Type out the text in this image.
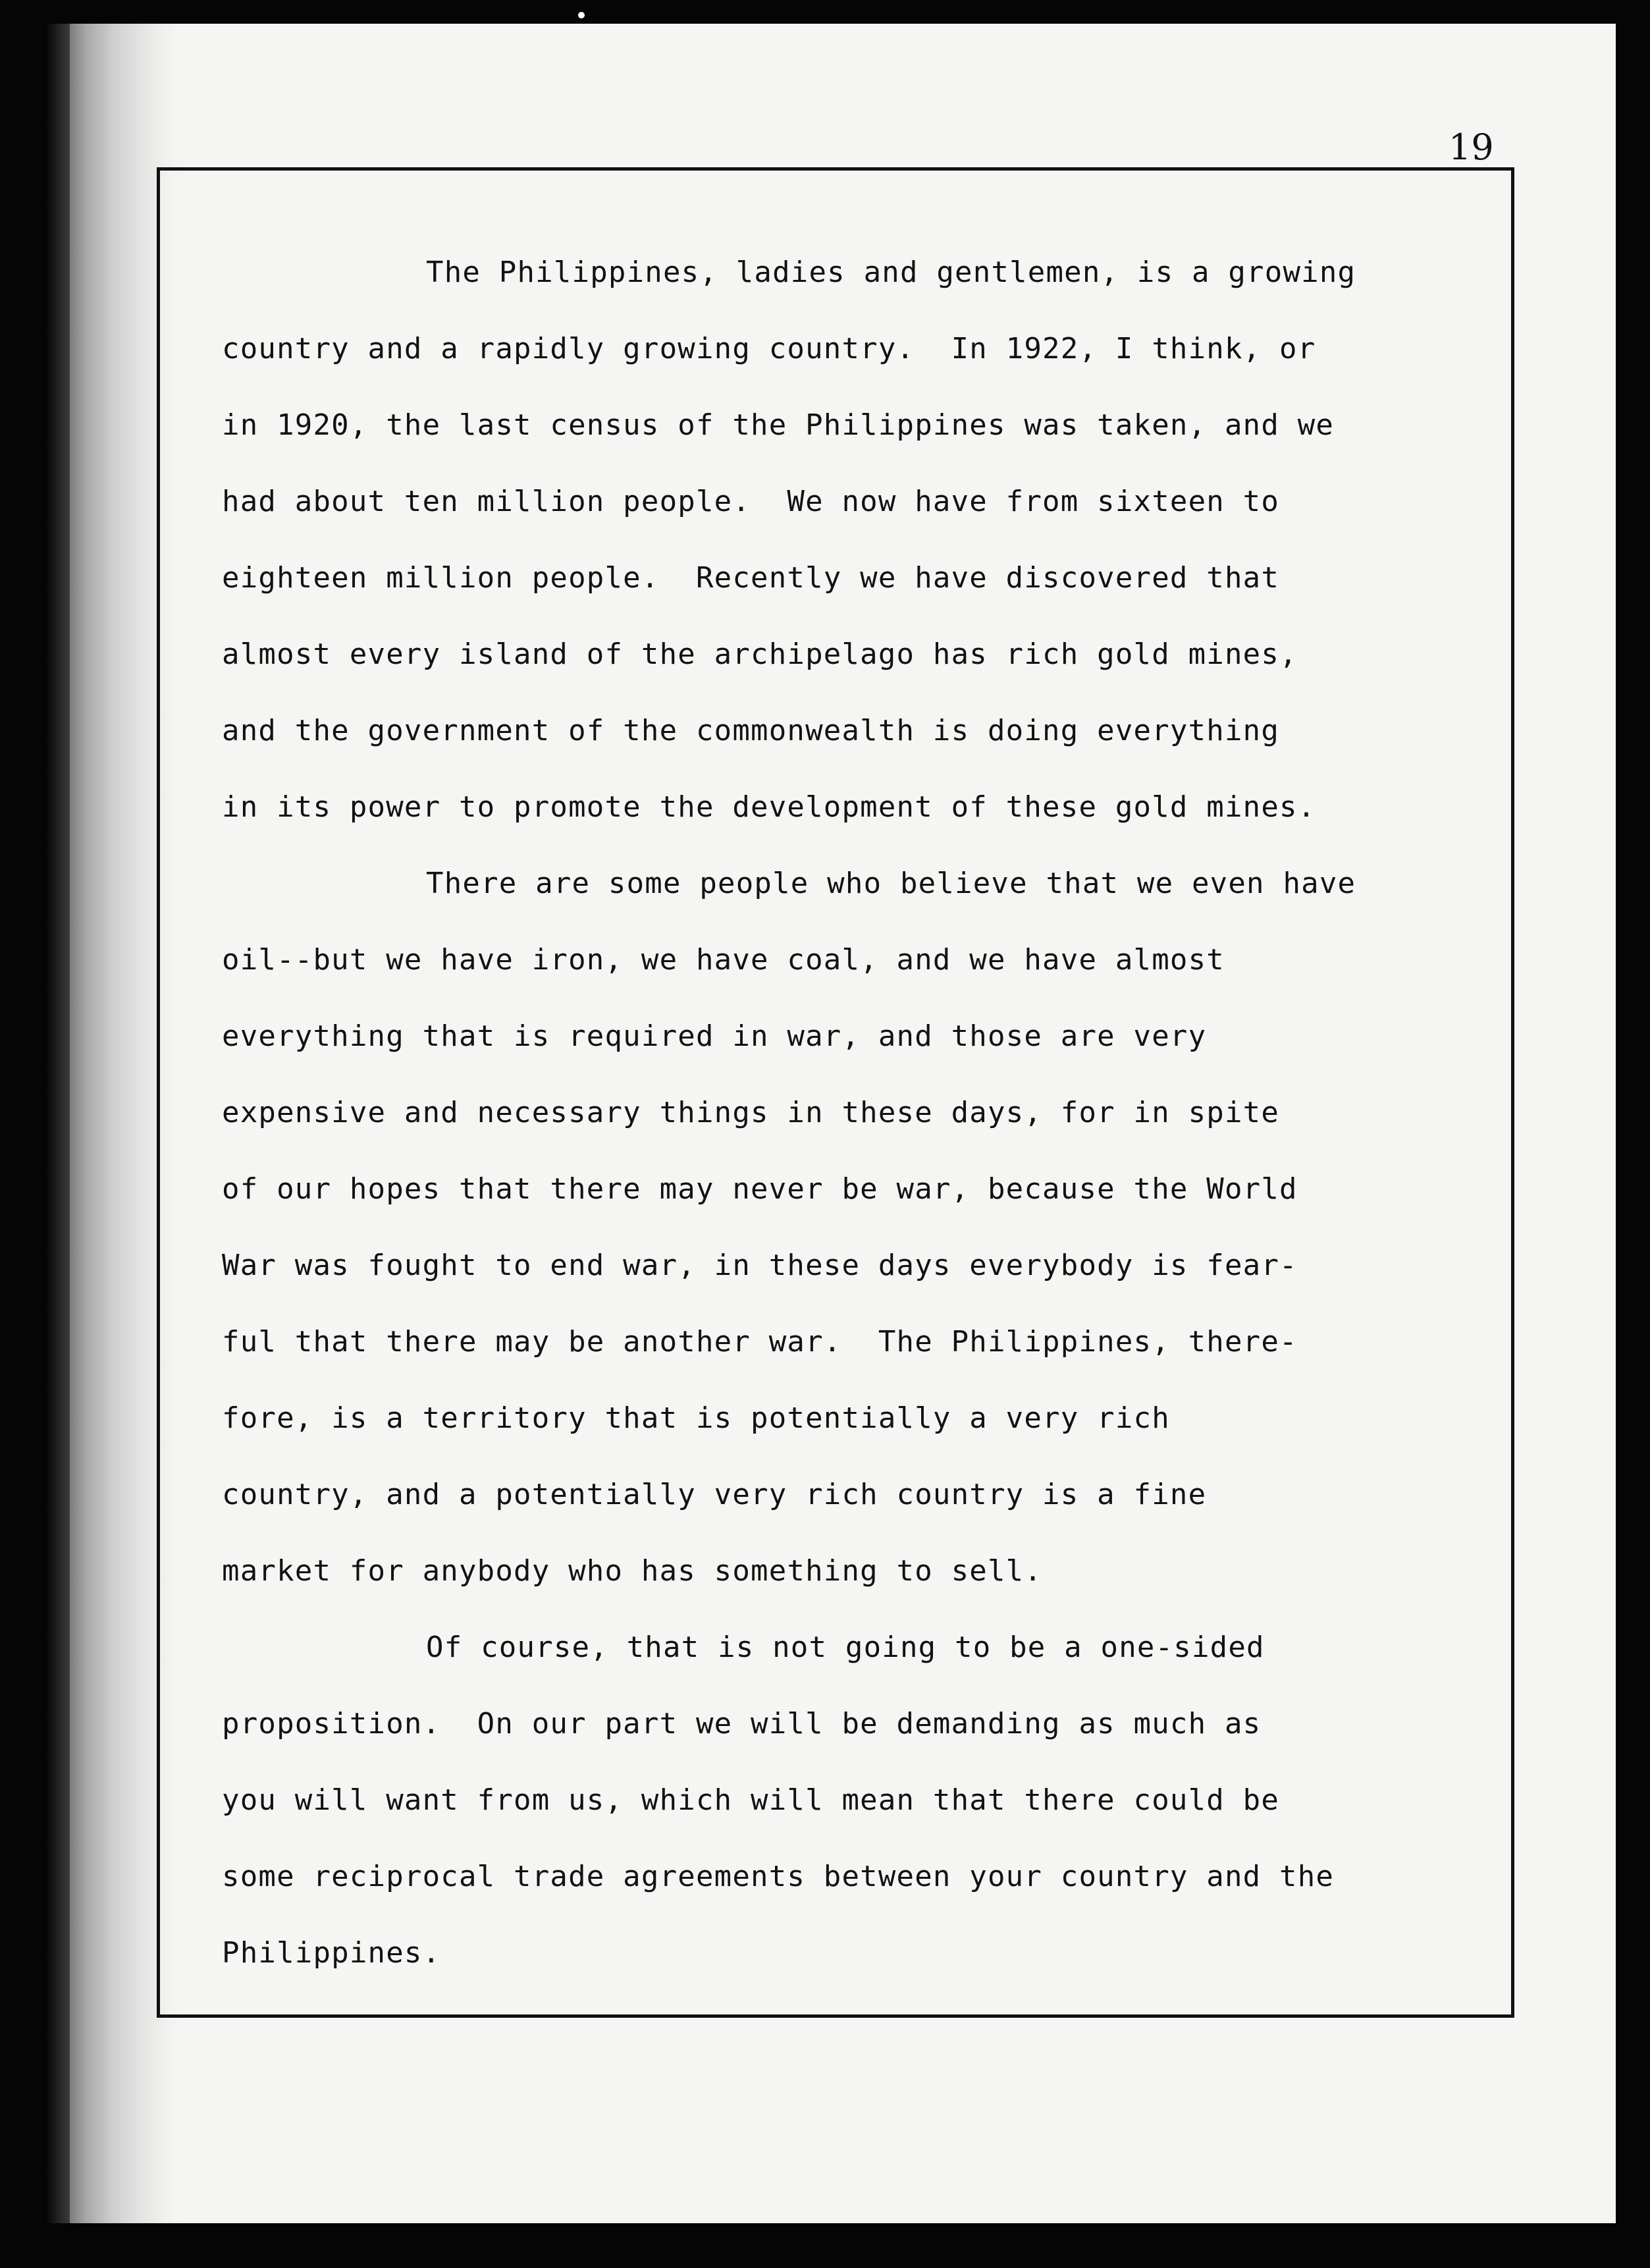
19
The Philippines, ladies and gentlemen, is a growing
country and a rapidly growing country.  In 1922, I think, or
in 1920, the last census of the Philippines was taken, and we
had about ten million people.  We now have from sixteen to
eighteen million people.  Recently we have discovered that
almost every island of the archipelago has rich gold mines,
and the government of the commonwealth is doing everything
in its power to promote the development of these gold mines.
There are some people who believe that we even have
oil--but we have iron, we have coal, and we have almost
everything that is required in war, and those are very
expensive and necessary things in these days, for in spite
of our hopes that there may never be war, because the World
War was fought to end war, in these days everybody is fear-
ful that there may be another war.  The Philippines, there-
fore, is a territory that is potentially a very rich
country, and a potentially very rich country is a fine
market for anybody who has something to sell.
Of course, that is not going to be a one-sided
proposition.  On our part we will be demanding as much as
you will want from us, which will mean that there could be
some reciprocal trade agreements between your country and the
Philippines.
